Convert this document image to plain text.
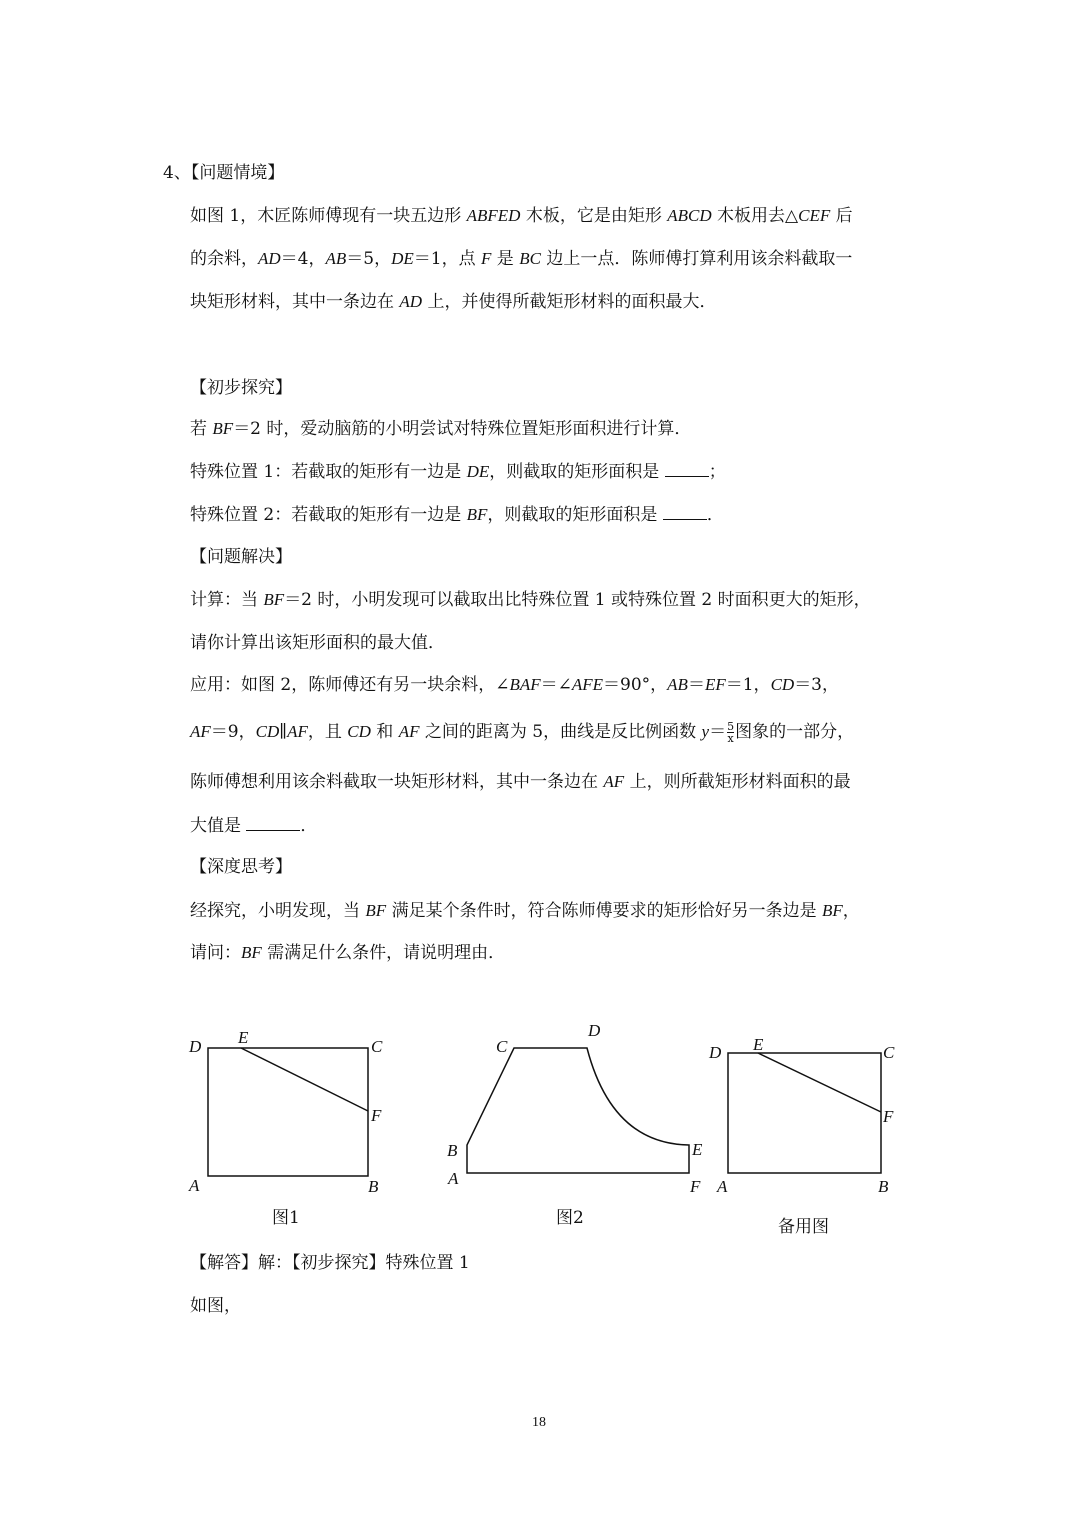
4、【问题情境】
如图 1，木匠陈师傅现有一块五边形 ABFED 木板，它是由矩形 ABCD 木板用去△CEF 后
的余料，AD＝4，AB＝5，DE＝1，点 F 是 BC 边上一点．陈师傅打算利用该余料截取一
块矩形材料，其中一条边在 AD 上，并使得所截矩形材料的面积最大．
【初步探究】
若 BF＝2 时，爱动脑筋的小明尝试对特殊位置矩形面积进行计算．
特殊位置 1：若截取的矩形有一边是 DE，则截取的矩形面积是	；
特殊位置 2：若截取的矩形有一边是 BF，则截取的矩形面积是	．
【问题解决】
计算：当 BF＝2 时，小明发现可以截取出比特殊位置 1 或特殊位置 2 时面积更大的矩形，
请你计算出该矩形面积的最大值．
应用：如图 2，陈师傅还有另一块余料，∠BAF＝∠AFE＝90°，AB＝EF＝1，CD＝3，
AF＝9，CD∥AF，且 CD 和 AF 之间的距离为 5，曲线是反比例函数 $y= \frac{5}{x}$ 图象的一部分，
陈师傅想利用该余料截取一块矩形材料，其中一条边在 AF 上，则所截矩形材料面积的最
大值是	．
【深度思考】
经探究，小明发现，当 BF 满足某个条件时，符合陈师傅要求的矩形恰好另一条边是 BF，
请问：BF 需满足什么条件，请说明理由．
D E	C
F
A	B
C
D
B	E
A	F
D E	C
F
A	B
图1	图2	备用图
【解答】解：【初步探究】特殊位置 1
如图，
18
